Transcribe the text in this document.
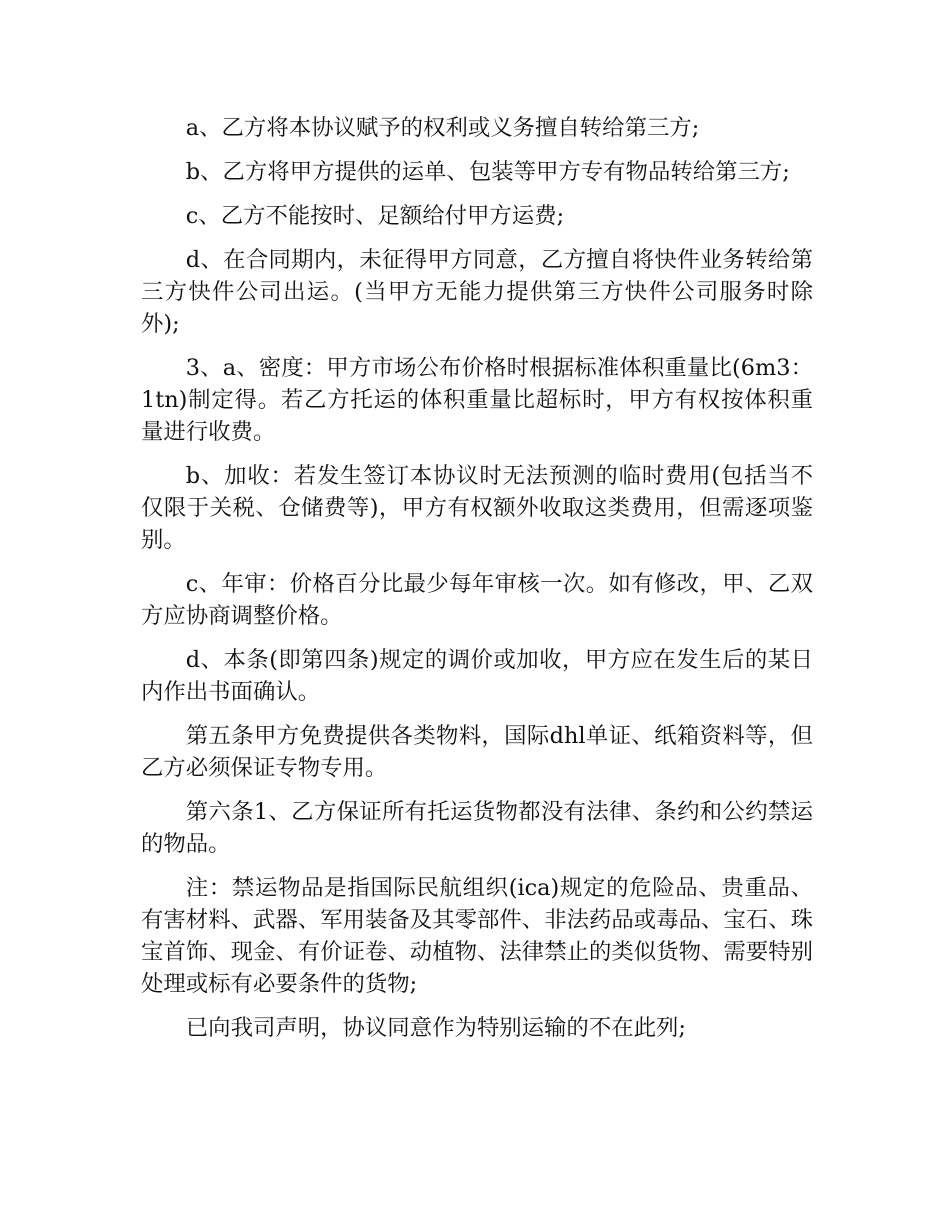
a、乙方将本协议赋予的权利或义务擅自转给第三方;

b、乙方将甲方提供的运单、包装等甲方专有物品转给第三方;

c、乙方不能按时、足额给付甲方运费;

d、在合同期内，未征得甲方同意，乙方擅自将快件业务转给第三方快件公司出运。(当甲方无能力提供第三方快件公司服务时除外);

3、a、密度：甲方市场公布价格时根据标准体积重量比(6m3：1tn)制定得。若乙方托运的体积重量比超标时，甲方有权按体积重量进行收费。

b、加收：若发生签订本协议时无法预测的临时费用(包括当不仅限于关税、仓储费等)，甲方有权额外收取这类费用，但需逐项鉴别。

c、年审：价格百分比最少每年审核一次。如有修改，甲、乙双方应协商调整价格。

d、本条(即第四条)规定的调价或加收，甲方应在发生后的某日内作出书面确认。

第五条甲方免费提供各类物料，国际dhl单证、纸箱资料等，但乙方必须保证专物专用。

第六条1、乙方保证所有托运货物都没有法律、条约和公约禁运的物品。

注：禁运物品是指国际民航组织(ica)规定的危险品、贵重品、有害材料、武器、军用装备及其零部件、非法药品或毒品、宝石、珠宝首饰、现金、有价证卷、动植物、法律禁止的类似货物、需要特别处理或标有必要条件的货物;

已向我司声明，协议同意作为特别运输的不在此列;
